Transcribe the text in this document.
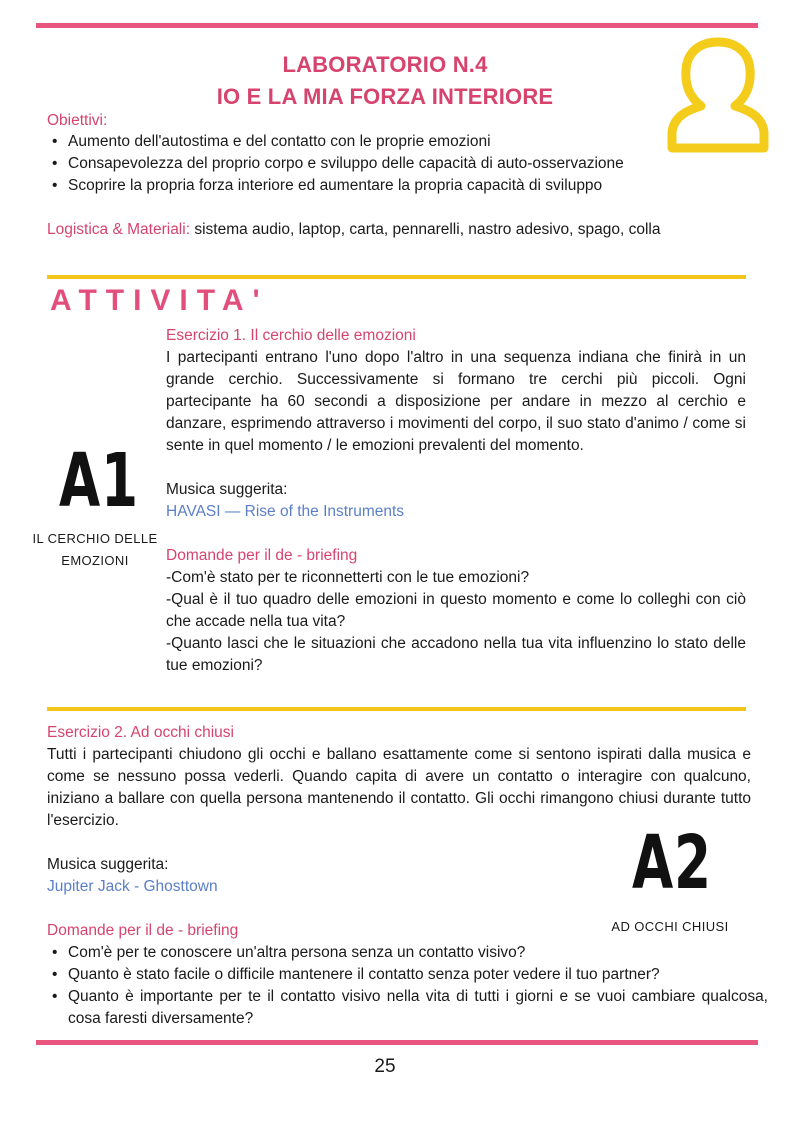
LABORATORIO N.4
IO E LA MIA FORZA INTERIORE
Obiettivi:
• Aumento dell'autostima e del contatto con le proprie emozioni
• Consapevolezza del proprio corpo e sviluppo delle capacità di auto-osservazione
• Scoprire la propria forza interiore ed aumentare la propria capacità di sviluppo
Logistica & Materiali: sistema audio, laptop, carta, pennarelli, nastro adesivo, spago, colla
ATTIVITA'
A1
IL CERCHIO DELLE
EMOZIONI
Esercizio 1. Il cerchio delle emozioni
I partecipanti entrano l'uno dopo l'altro in una sequenza indiana che finirà in un grande cerchio. Successivamente si formano tre cerchi più piccoli. Ogni partecipante ha 60 secondi a disposizione per andare in mezzo al cerchio e danzare, esprimendo attraverso i movimenti del corpo, il suo stato d'animo / come si sente in quel momento / le emozioni prevalenti del momento.
Musica suggerita:
HAVASI — Rise of the Instruments
Domande per il de - briefing
-Com'è stato per te riconnetterti con le tue emozioni?
-Qual è il tuo quadro delle emozioni in questo momento e come lo colleghi con ciò che accade nella tua vita?
-Quanto lasci che le situazioni che accadono nella tua vita influenzino lo stato delle tue emozioni?
Esercizio 2. Ad occhi chiusi
Tutti i partecipanti chiudono gli occhi e ballano esattamente come si sentono ispirati dalla musica e come se nessuno possa vederli. Quando capita di avere un contatto o interagire con qualcuno, iniziano a ballare con quella persona mantenendo il contatto. Gli occhi rimangono chiusi durante tutto l'esercizio.
Musica suggerita:
Jupiter Jack - Ghosttown
Domande per il de - briefing
A2
AD OCCHI CHIUSI
• Com'è per te conoscere un'altra persona senza un contatto visivo?
• Quanto è stato facile o difficile mantenere il contatto senza poter vedere il tuo partner?
• Quanto è importante per te il contatto visivo nella vita di tutti i giorni e se vuoi cambiare qualcosa, cosa faresti diversamente?
25
